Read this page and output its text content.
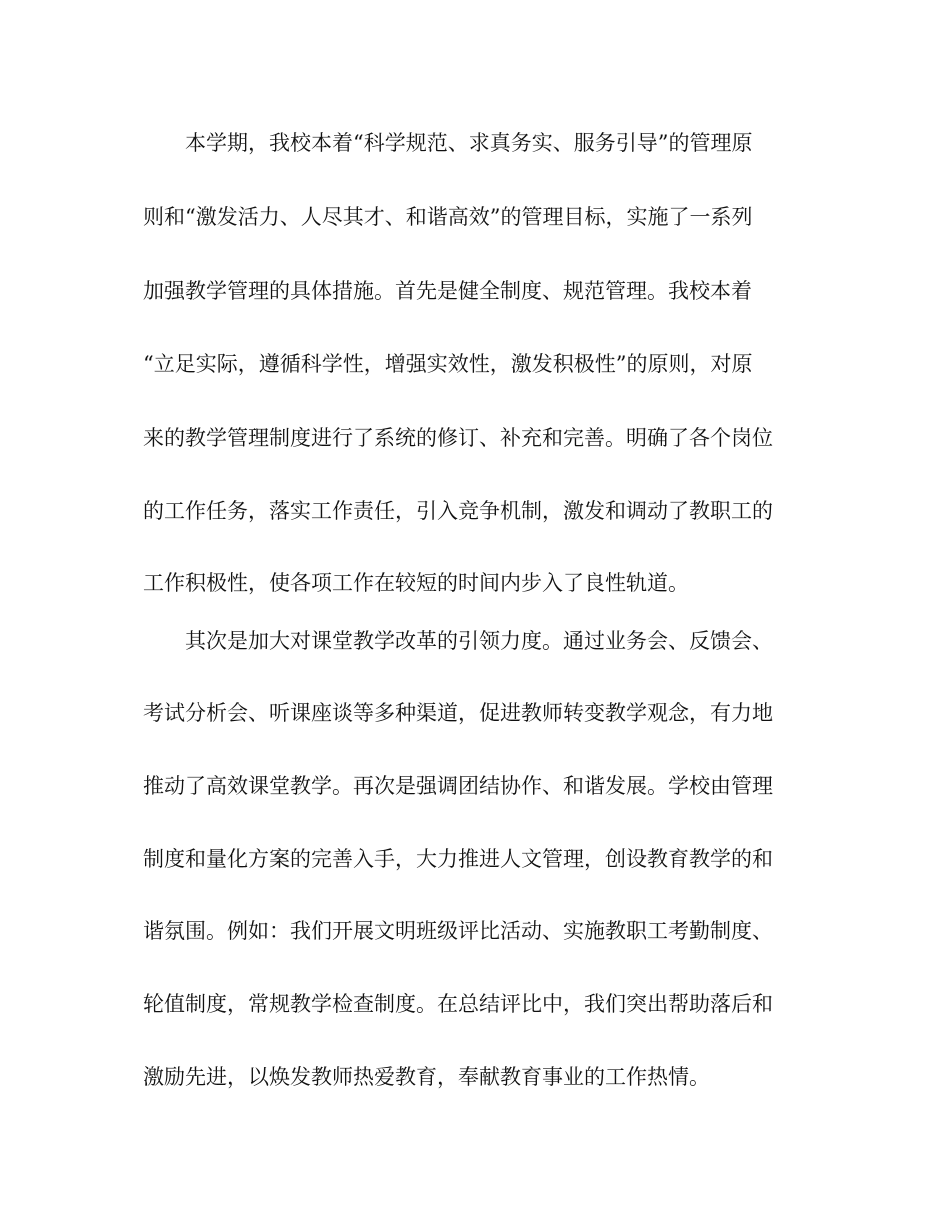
本学期，我校本着“科学规范、求真务实、服务引导”的管理原

则和“激发活力、人尽其才、和谐高效”的管理目标，实施了一系列

加强教学管理的具体措施。首先是健全制度、规范管理。我校本着

“立足实际，遵循科学性，增强实效性，激发积极性”的原则，对原

来的教学管理制度进行了系统的修订、补充和完善。明确了各个岗位

的工作任务，落实工作责任，引入竞争机制，激发和调动了教职工的

工作积极性，使各项工作在较短的时间内步入了良性轨道。

其次是加大对课堂教学改革的引领力度。通过业务会、反馈会、

考试分析会、听课座谈等多种渠道，促进教师转变教学观念，有力地

推动了高效课堂教学。再次是强调团结协作、和谐发展。学校由管理

制度和量化方案的完善入手，大力推进人文管理，创设教育教学的和

谐氛围。例如：我们开展文明班级评比活动、实施教职工考勤制度、

轮值制度，常规教学检查制度。在总结评比中，我们突出帮助落后和

激励先进，以焕发教师热爱教育，奉献教育事业的工作热情。
